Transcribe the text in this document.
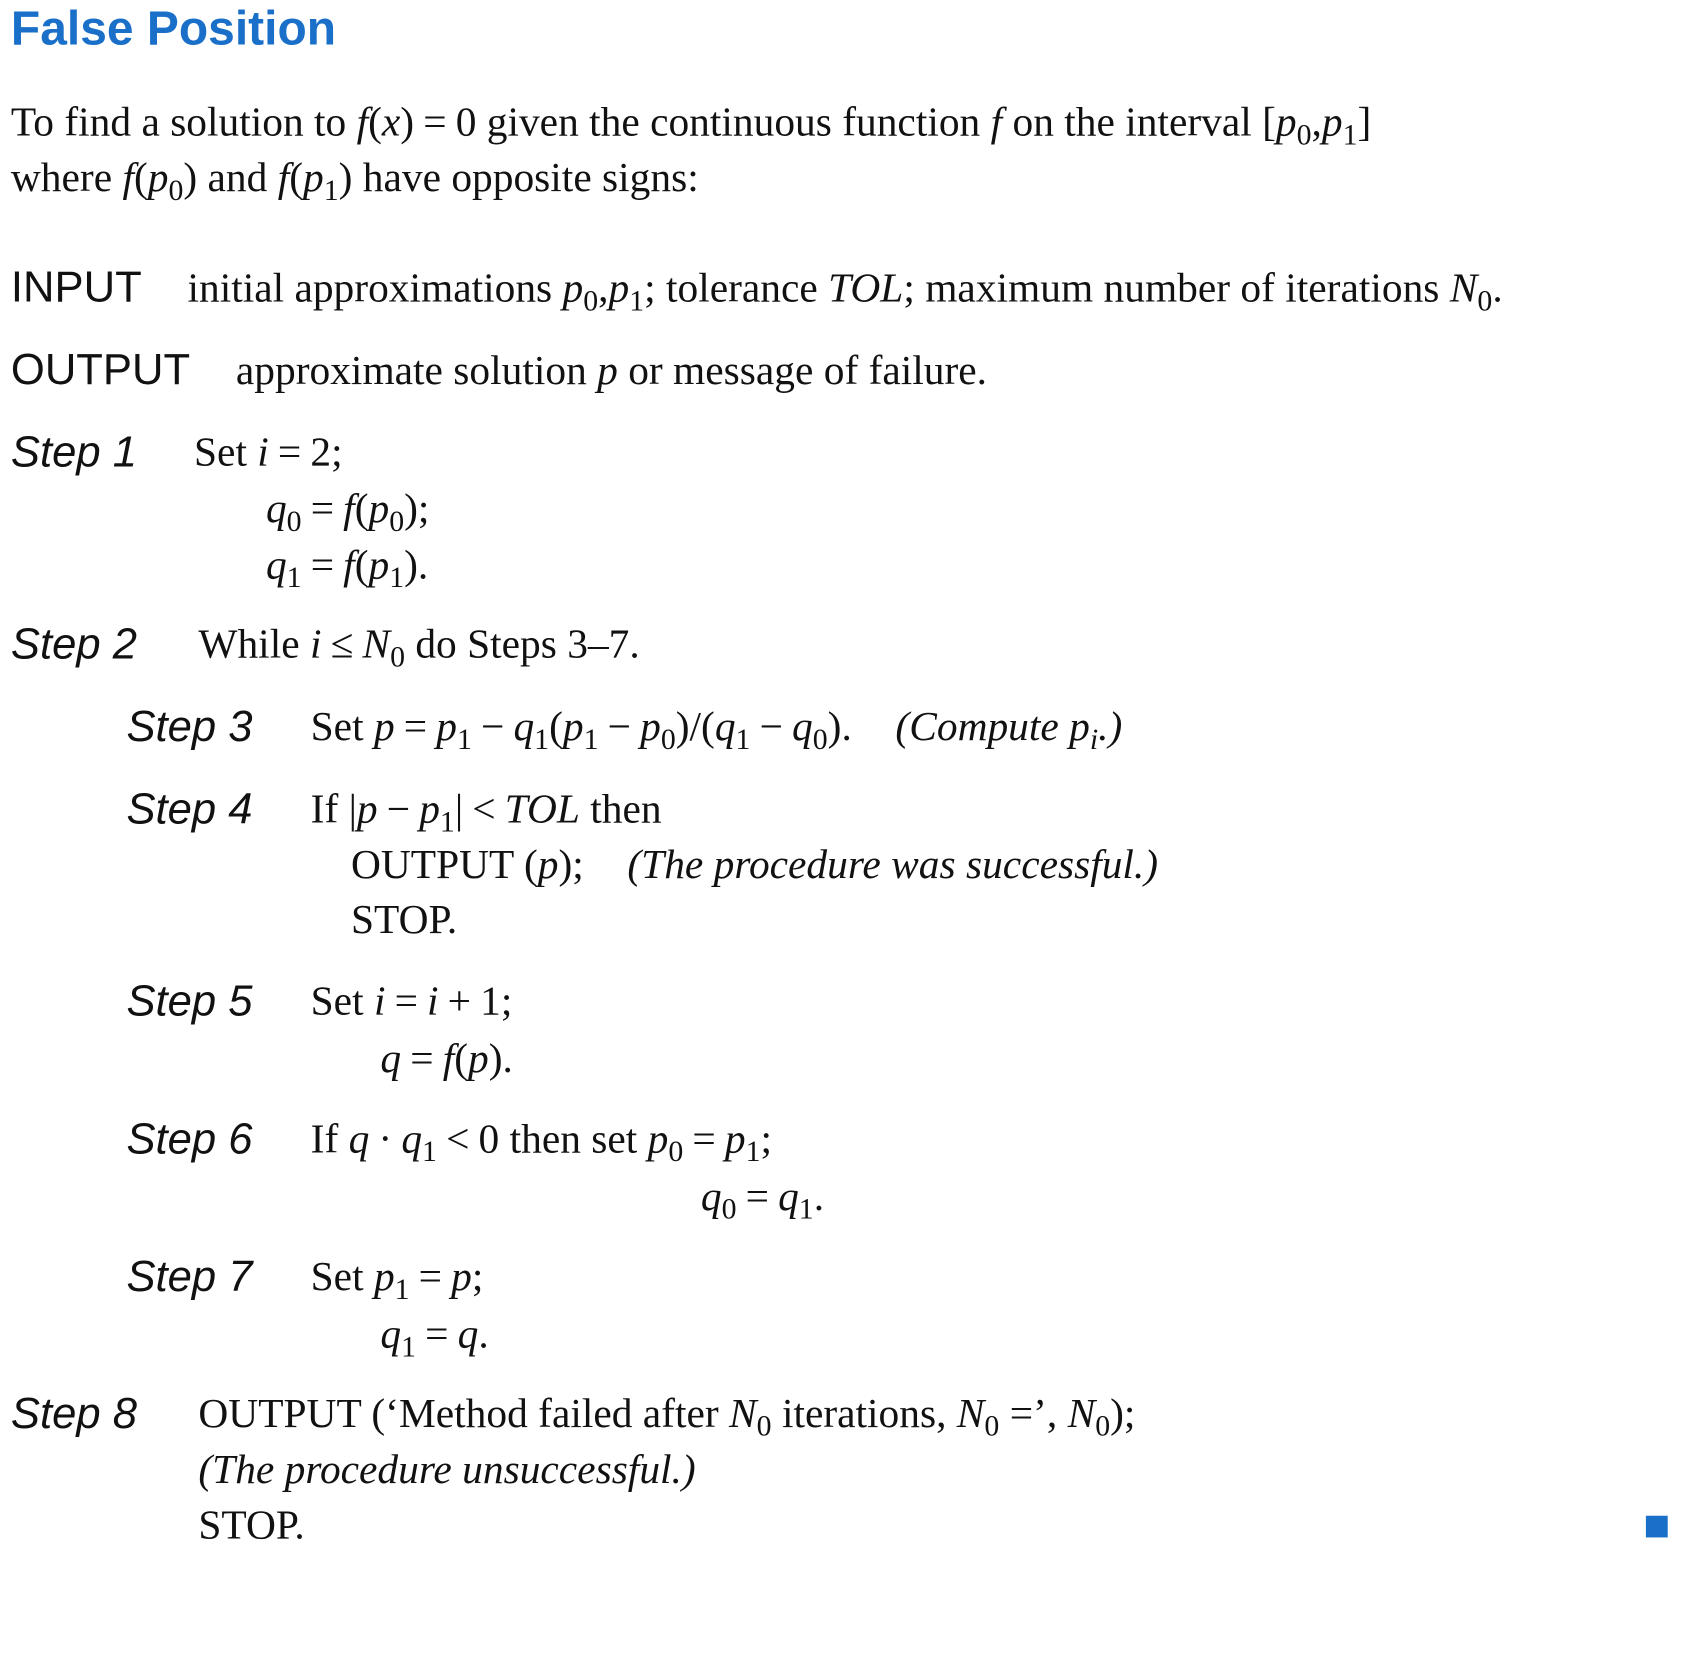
False Position
To find a solution to f(x) = 0 given the continuous function f on the interval $[p_0,p_1]$
where $f(p_0)$ and $f(p_1)$ have opposite signs:
INPUT initial approximations $p_0,p_1$; tolerance TOL; maximum number of iterations $N_0$.
OUTPUT approximate solution p or message of failure.
Step 1 Set i = 2;
$q_0 = f(p_0)$;
$q_1 = f(p_1)$.
Step 2 While $i \le N_0$ do Steps 3–7.
Step 3 Set $p = p_1 - q_1(p_1 - p_0)/(q_1 - q_0)$. (Compute $p_i$.)
Step 4 If $|p - p_1|$ < TOL then
OUTPUT (p); (The procedure was successful.)
STOP.
Step 5 Set i = i + 1;
q = f(p).
Step 6 If $q \cdot q_1 < 0$ then set $p_0 = p_1$;
$q_0 = q_1$.
Step 7 Set $p_1 = p$;
$q_1 = q$.
Step 8 OUTPUT (‘Method failed after $N_0$ iterations, $N_0$ =’, $N_0$);
(The procedure unsuccessful.)
STOP.
